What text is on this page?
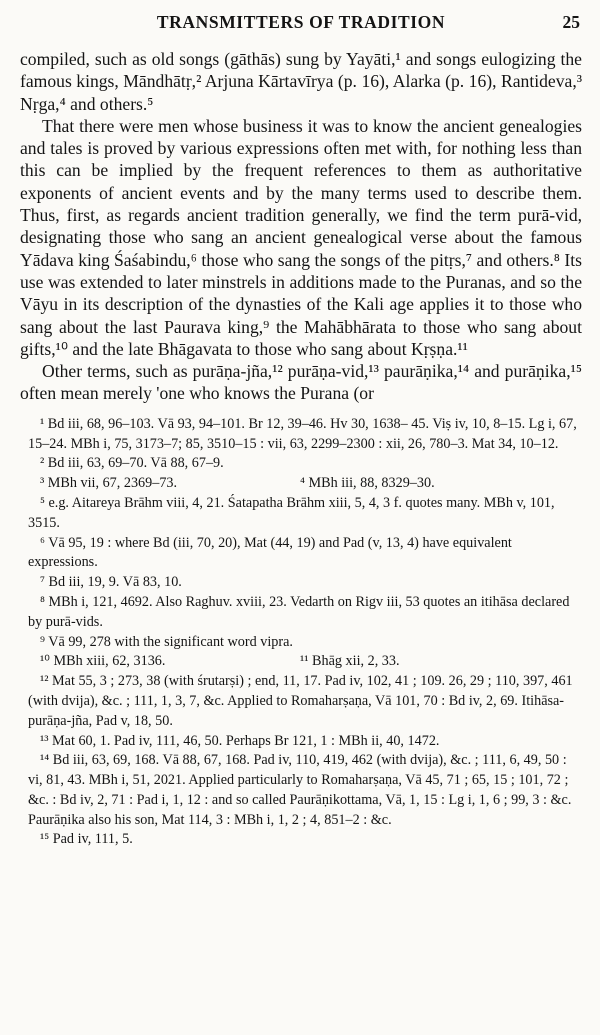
TRANSMITTERS OF TRADITION	25

compiled, such as old songs (gāthās) sung by Yayāti,¹ and songs eulogizing the famous kings, Māndhātṛ,² Arjuna Kārtavīrya (p. 16), Alarka (p. 16), Rantideva,³ Nṛga,⁴ and others.⁵

That there were men whose business it was to know the ancient genealogies and tales is proved by various expressions often met with, for nothing less than this can be implied by the frequent references to them as authoritative exponents of ancient events and by the many terms used to describe them. Thus, first, as regards ancient tradition generally, we find the term purā-vid, designating those who sang an ancient genealogical verse about the famous Yādava king Śaśabindu,⁶ those who sang the songs of the pitṛs,⁷ and others.⁸ Its use was extended to later minstrels in additions made to the Puranas, and so the Vāyu in its description of the dynasties of the Kali age applies it to those who sang about the last Paurava king,⁹ the Mahābhārata to those who sang about gifts,¹⁰ and the late Bhāgavata to those who sang about Kṛṣṇa.¹¹

Other terms, such as purāṇa-jña,¹² purāṇa-vid,¹³ paurāṇika,¹⁴ and purāṇika,¹⁵ often mean merely 'one who knows the Purana (or

¹ Bd iii, 68, 96–103. Vā 93, 94–101. Br 12, 39–46. Hv 30, 1638– 45. Viṣ iv, 10, 8–15. Lg i, 67, 15–24. MBh i, 75, 3173–7; 85, 3510–15 : vii, 63, 2299–2300 : xii, 26, 780–3. Mat 34, 10–12.
² Bd iii, 63, 69–70. Vā 88, 67–9.
³ MBh vii, 67, 2369–73.	⁴ MBh iii, 88, 8329–30.
⁵ e.g. Aitareya Brāhm viii, 4, 21. Śatapatha Brāhm xiii, 5, 4, 3 f. quotes many. MBh v, 101, 3515.
⁶ Vā 95, 19 : where Bd (iii, 70, 20), Mat (44, 19) and Pad (v, 13, 4) have equivalent expressions.
⁷ Bd iii, 19, 9. Vā 83, 10.
⁸ MBh i, 121, 4692. Also Raghuv. xviii, 23. Vedarth on Rigv iii, 53 quotes an itihāsa declared by purā-vids.
⁹ Vā 99, 278 with the significant word vipra.
¹⁰ MBh xiii, 62, 3136.	¹¹ Bhāg xii, 2, 33.
¹² Mat 55, 3 ; 273, 38 (with śrutarṣi) ; end, 11, 17. Pad iv, 102, 41 ; 109. 26, 29 ; 110, 397, 461 (with dvija), &c. ; 111, 1, 3, 7, &c. Applied to Romaharṣaṇa, Vā 101, 70 : Bd iv, 2, 69. Itihāsa-purāṇa-jña, Pad v, 18, 50.
¹³ Mat 60, 1. Pad iv, 111, 46, 50. Perhaps Br 121, 1 : MBh ii, 40, 1472.
¹⁴ Bd iii, 63, 69, 168. Vā 88, 67, 168. Pad iv, 110, 419, 462 (with dvija), &c. ; 111, 6, 49, 50 : vi, 81, 43. MBh i, 51, 2021. Applied particularly to Romaharṣaṇa, Vā 45, 71 ; 65, 15 ; 101, 72 ; &c. : Bd iv, 2, 71 : Pad i, 1, 12 : and so called Paurāṇikottama, Vā, 1, 15 : Lg i, 1, 6 ; 99, 3 : &c. Paurāṇika also his son, Mat 114, 3 : MBh i, 1, 2 ; 4, 851–2 : &c.
¹⁵ Pad iv, 111, 5.
